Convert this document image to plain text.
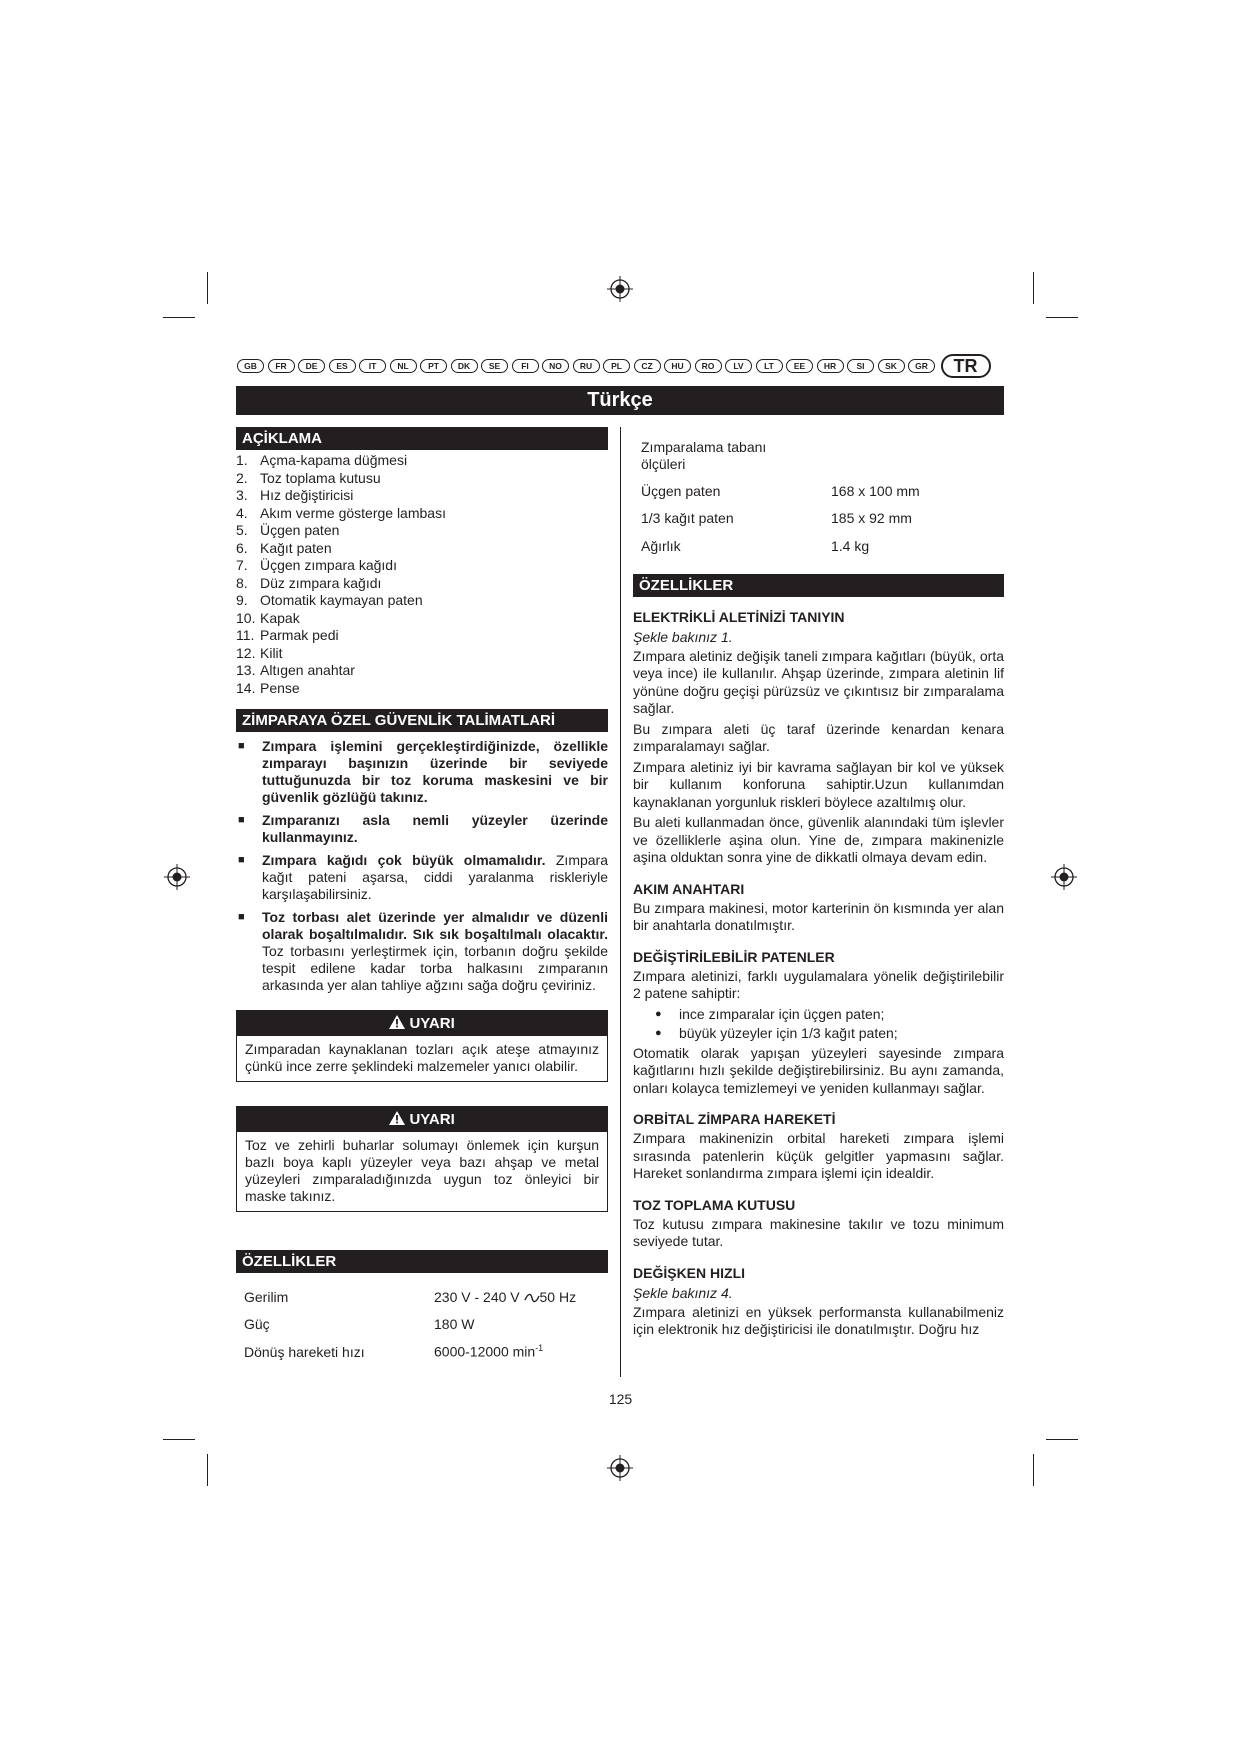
GB	FR	DE	ES	IT	NL	PT	DK	SE	FI	NO	RU	PL	CZ	HU	RO	LV	LT	EE	HR	SI	SK	GR	TR
Türkçe
AÇİKLAMA
1. Açma-kapama düğmesi
2. Toz toplama kutusu
3. Hız değiştiricisi
4. Akım verme gösterge lambası
5. Üçgen paten
6. Kağıt paten
7. Üçgen zımpara kağıdı
8. Düz zımpara kağıdı
9. Otomatik kaymayan paten
10. Kapak
11. Parmak pedi
12. Kilit
13. Altıgen anahtar
14. Pense
ZİMPARAYA ÖZEL GÜVENLİK TALİMATLARİ
■	Zımpara işlemini gerçekleştirdiğinizde, özellikle zımparayı başınızın üzerinde bir seviyede tuttuğunuzda bir toz koruma maskesini ve bir güvenlik gözlüğü takınız.
■	Zımparanızı asla nemli yüzeyler üzerinde kullanmayınız.
■	Zımpara kağıdı çok büyük olmamalıdır. Zımpara kağıt pateni aşarsa, ciddi yaralanma riskleriyle karşılaşabilirsiniz.
■	Toz torbası alet üzerinde yer almalıdır ve düzenli olarak boşaltılmalıdır. Sık sık boşaltılmalı olacaktır. Toz torbasını yerleştirmek için, torbanın doğru şekilde tespit edilene kadar torba halkasını zımparanın arkasında yer alan tahliye ağzını sağa doğru çeviriniz.
UYARI
Zımparadan kaynaklanan tozları açık ateşe atmayınız çünkü ince zerre şeklindeki malzemeler yanıcı olabilir.
UYARI
Toz ve zehirli buharlar solumayı önlemek için kurşun bazlı boya kaplı yüzeyler veya bazı ahşap ve metal yüzeyleri zımparaladığınızda uygun toz önleyici bir maske takınız.
ÖZELLİKLER
Gerilim	230 V - 240 V 50 Hz
Güç	180 W
Dönüş hareketi hızı	6000-12000 $\min^{-1}$
Zımparalama tabanı
ölçüleri
Üçgen paten	168 x 100 mm
1/3 kağıt paten	185 x 92 mm
Ağırlık	1.4 kg
ÖZELLİKLER

ELEKTRİKLİ ALETİNİZİ TANIYIN

Şekle bakınız 1.

Zımpara aletiniz değişik taneli zımpara kağıtları (büyük, orta veya ince) ile kullanılır. Ahşap üzerinde, zımpara aletinin lif yönüne doğru geçişi pürüzsüz ve çıkıntısız bir zımparalama sağlar.

Bu zımpara aleti üç taraf üzerinde kenardan kenara zımparalamayı sağlar.

Zımpara aletiniz iyi bir kavrama sağlayan bir kol ve yüksek bir kullanım konforuna sahiptir.Uzun kullanımdan kaynaklanan yorgunluk riskleri böylece azaltılmış olur.

Bu aleti kullanmadan önce, güvenlik alanındaki tüm işlevler ve özelliklerle aşina olun. Yine de, zımpara makinenizle aşina olduktan sonra yine de dikkatli olmaya devam edin.

AKIM ANAHTARI

Bu zımpara makinesi, motor karterinin ön kısmında yer alan bir anahtarla donatılmıştır.

DEĞİŞTİRİLEBİLİR PATENLER

Zımpara aletinizi, farklı uygulamalara yönelik değiştirilebilir 2 patene sahiptir:

●	ince zımparalar için üçgen paten;
●	büyük yüzeyler için 1/3 kağıt paten;

Otomatik olarak yapışan yüzeyleri sayesinde zımpara kağıtlarını hızlı şekilde değiştirebilirsiniz. Bu aynı zamanda, onları kolayca temizlemeyi ve yeniden kullanmayı sağlar.

ORBİTAL ZİMPARA HAREKETİ

Zımpara makinenizin orbital hareketi zımpara işlemi sırasında patenlerin küçük gelgitler yapmasını sağlar. Hareket sonlandırma zımpara işlemi için idealdir.

TOZ TOPLAMA KUTUSU

Toz kutusu zımpara makinesine takılır ve tozu minimum seviyede tutar.

DEĞİŞKEN HIZLI

Şekle bakınız 4.

Zımpara aletinizi en yüksek performansta kullanabilmeniz için elektronik hız değiştiricisi ile donatılmıştır. Doğru hız

125
